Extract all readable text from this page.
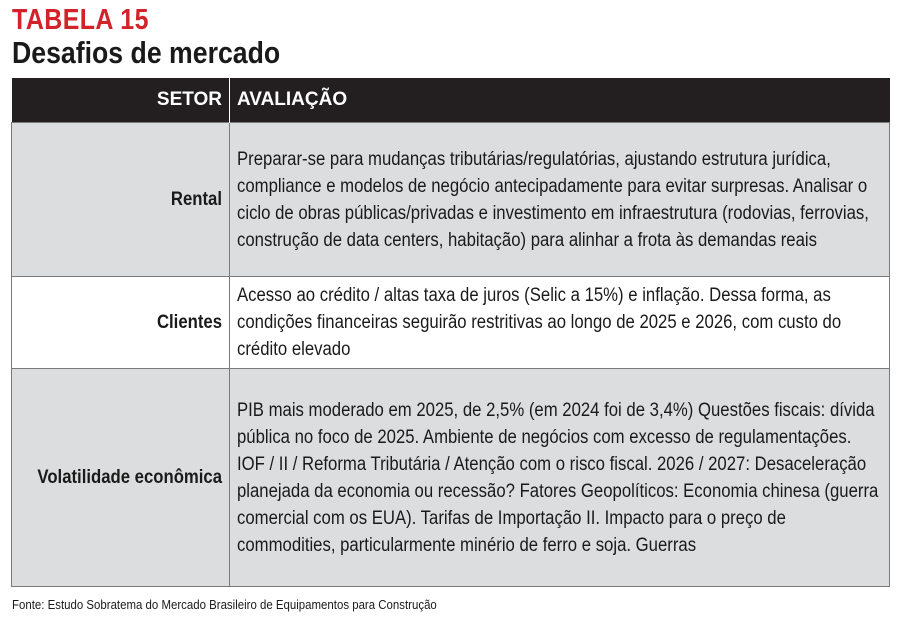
TABELA 15
Desafios de mercado
SETOR	AVALIAÇÃO

Rental	Preparar-se para mudanças tributárias/regulatórias, ajustando estrutura jurídica, compliance e modelos de negócio antecipadamente para evitar surpresas. Analisar o ciclo de obras públicas/privadas e investimento em infraestrutura (rodovias, ferrovias, construção de data centers, habitação) para alinhar a frota às demandas reais

Clientes	Acesso ao crédito / altas taxa de juros (Selic a 15%) e inflação. Dessa forma, as condições financeiras seguirão restritivas ao longo de 2025 e 2026, com custo do crédito elevado

Volatilidade econômica	PIB mais moderado em 2025, de 2,5% (em 2024 foi de 3,4%) Questões fiscais: dívida pública no foco de 2025. Ambiente de negócios com excesso de regulamentações. IOF / II / Reforma Tributária / Atenção com o risco fiscal. 2026 / 2027: Desaceleração planejada da economia ou recessão? Fatores Geopolíticos: Economia chinesa (guerra comercial com os EUA). Tarifas de Importação II. Impacto para o preço de commodities, particularmente minério de ferro e soja. Guerras
Fonte: Estudo Sobratema do Mercado Brasileiro de Equipamentos para Construção
